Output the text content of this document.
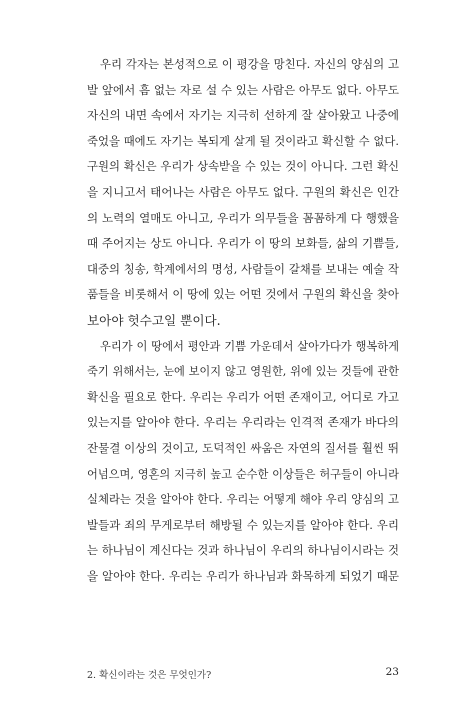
우리 각자는 본성적으로 이 평강을 망친다. 자신의 양심의 고
발 앞에서 흠 없는 자로 설 수 있는 사람은 아무도 없다. 아무도
자신의 내면 속에서 자기는 지극히 선하게 잘 살아왔고 나중에
죽었을 때에도 자기는 복되게 살게 될 것이라고 확신할 수 없다.
구원의 확신은 우리가 상속받을 수 있는 것이 아니다. 그런 확신
을 지니고서 태어나는 사람은 아무도 없다. 구원의 확신은 인간
의 노력의 열매도 아니고, 우리가 의무들을 꼼꼼하게 다 행했을
때 주어지는 상도 아니다. 우리가 이 땅의 보화들, 삶의 기쁨들,
대중의 칭송, 학계에서의 명성, 사람들이 갈채를 보내는 예술 작
품들을 비롯해서 이 땅에 있는 어떤 것에서 구원의 확신을 찾아
보아야 헛수고일 뿐이다.
우리가 이 땅에서 평안과 기쁨 가운데서 살아가다가 행복하게
죽기 위해서는, 눈에 보이지 않고 영원한, 위에 있는 것들에 관한
확신을 필요로 한다. 우리는 우리가 어떤 존재이고, 어디로 가고
있는지를 알아야 한다. 우리는 우리라는 인격적 존재가 바다의
잔물결 이상의 것이고, 도덕적인 싸움은 자연의 질서를 훨씬 뛰
어넘으며, 영혼의 지극히 높고 순수한 이상들은 허구들이 아니라
실체라는 것을 알아야 한다. 우리는 어떻게 해야 우리 양심의 고
발들과 죄의 무게로부터 해방될 수 있는지를 알아야 한다. 우리
는 하나님이 계신다는 것과 하나님이 우리의 하나님이시라는 것
을 알아야 한다. 우리는 우리가 하나님과 화목하게 되었기 때문
2. 확신이라는 것은 무엇인가?	23
